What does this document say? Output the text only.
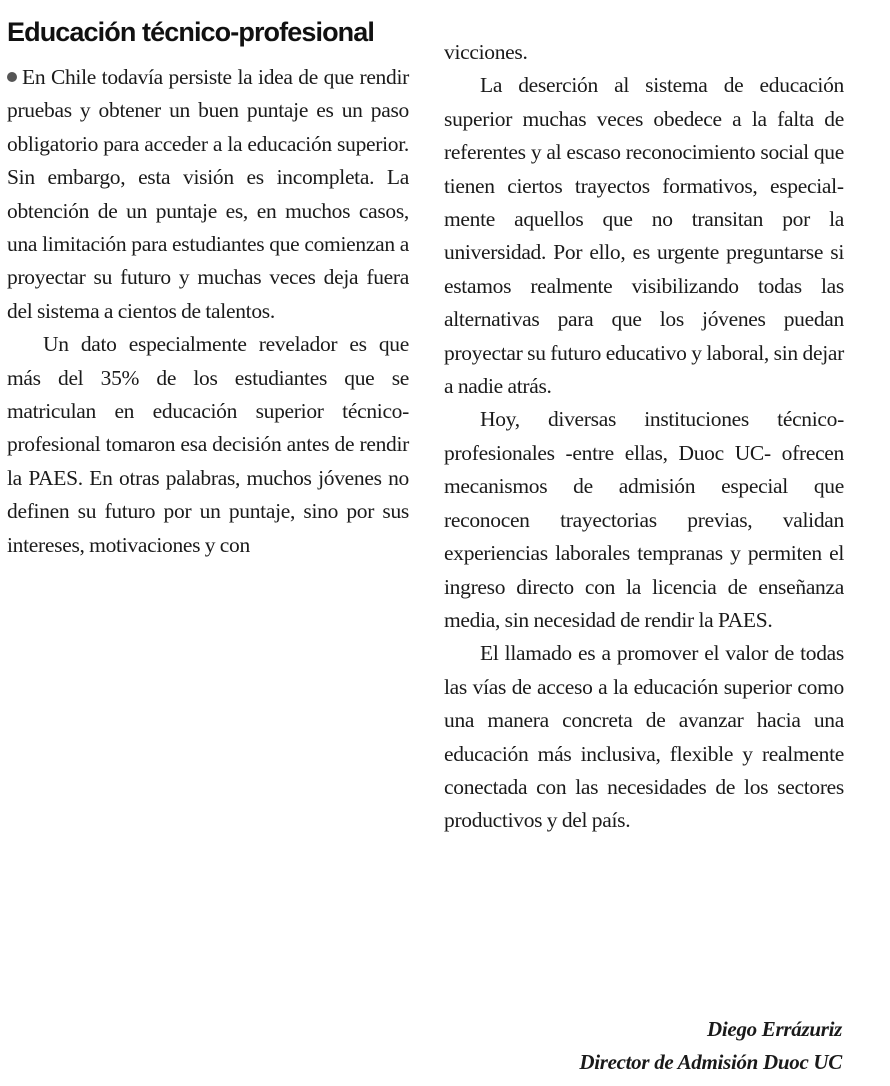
Educación técnico-profesional

En Chile todavía persiste la idea de que rendir pruebas y obtener un buen puntaje es un paso obligatorio para acceder a la educación superior. Sin embargo, esta visión es incompleta. La obtención de un puntaje es, en muchos casos, una limitación para estudiantes que comienzan a proyectar su futuro y muchas veces deja fuera del sistema a cientos de talentos.

Un dato especialmente revelador es que más del 35% de los estudiantes que se matriculan en educación superior técnico-profesional tomaron esa decisión antes de rendir la PAES. En otras palabras, muchos jóvenes no definen su futuro por un puntaje, sino por sus intereses, motivaciones y con

vicciones.

La deserción al sistema de educación superior muchas veces obedece a la falta de referentes y al escaso reconocimiento social que tienen ciertos trayectos formativos, especialmente aquellos que no transitan por la universidad. Por ello, es urgente preguntarse si estamos realmente visibilizando todas las alternativas para que los jóvenes puedan proyectar su futuro educativo y laboral, sin dejar a nadie atrás.

Hoy, diversas instituciones técnico-profesionales -entre ellas, Duoc UC- ofrecen mecanismos de admisión especial que reconocen trayectorias previas, validan experiencias laborales tempranas y permiten el ingreso directo con la licencia de enseñanza media, sin necesidad de rendir la PAES.

El llamado es a promover el valor de todas las vías de acceso a la educación superior como una manera concreta de avanzar hacia una educación más inclusiva, flexible y realmente conectada con las necesidades de los sectores productivos y del país.

Diego Errázuriz
Director de Admisión Duoc UC
